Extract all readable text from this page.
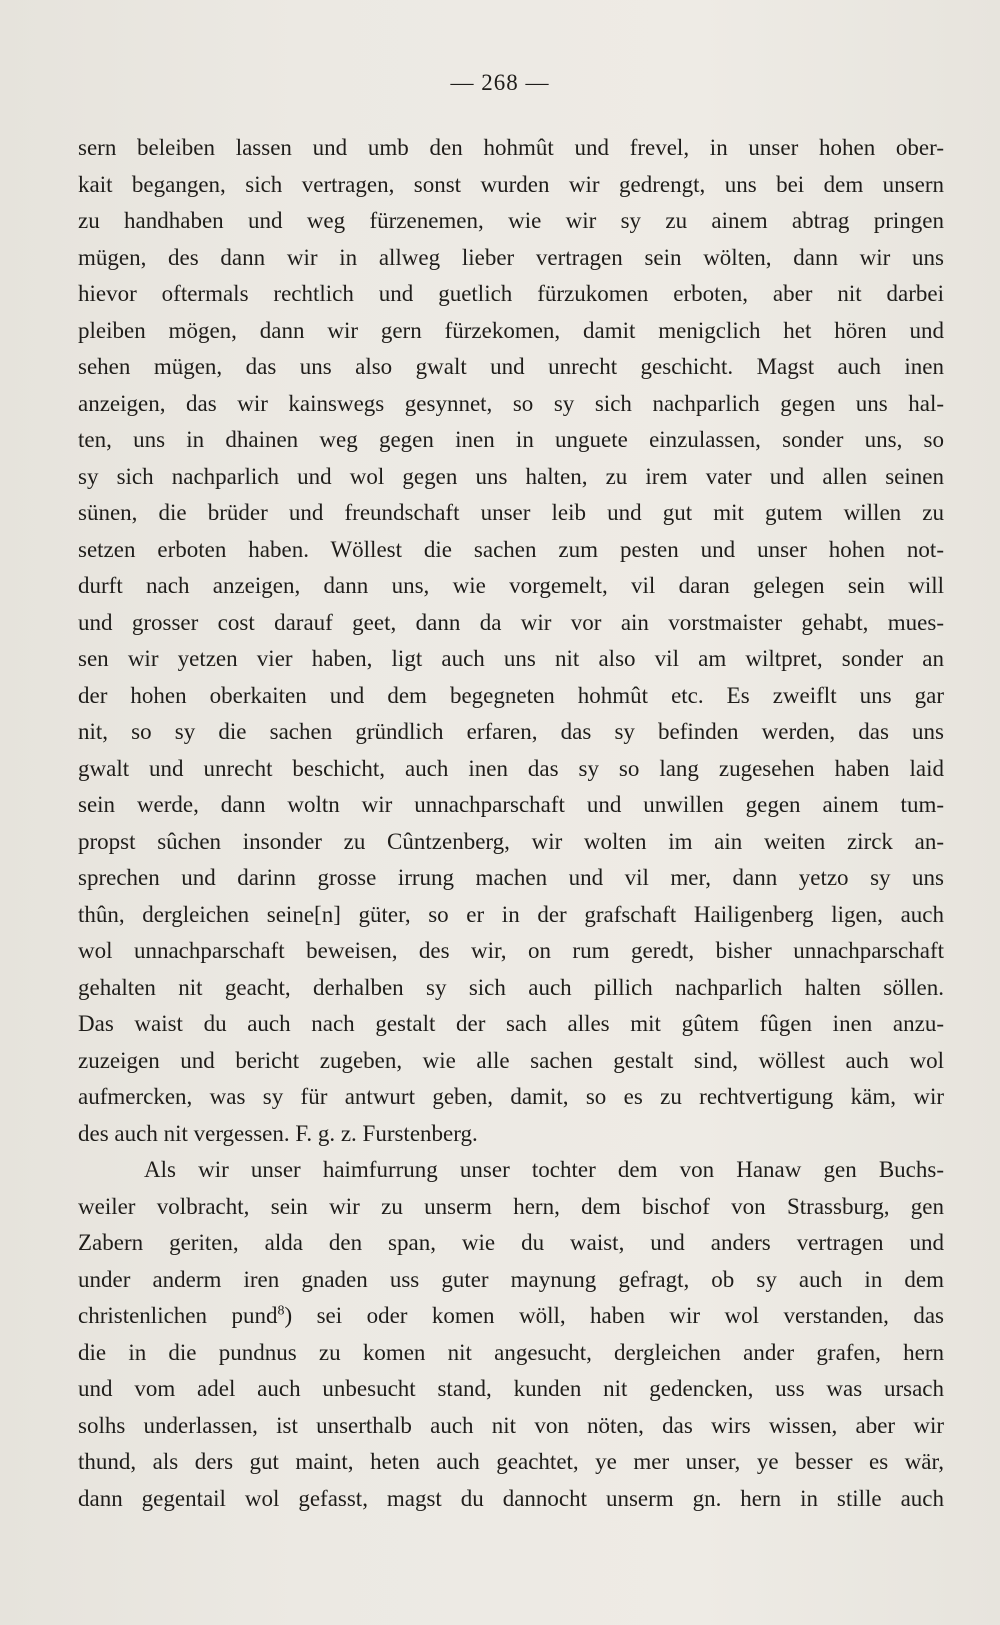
— 268 —
sern beleiben lassen und umb den hohmût und frevel, in unser hohen ober-
kait begangen, sich vertragen, sonst wurden wir gedrengt, uns bei dem unsern
zu handhaben und weg fürzenemen, wie wir sy zu ainem abtrag pringen
mügen, des dann wir in allweg lieber vertragen sein wölten, dann wir uns
hievor oftermals rechtlich und guetlich fürzukomen erboten, aber nit darbei
pleiben mögen, dann wir gern fürzekomen, damit menigclich het hören und
sehen mügen, das uns also gwalt und unrecht geschicht. Magst auch inen
anzeigen, das wir kainswegs gesynnet, so sy sich nachparlich gegen uns hal-
ten, uns in dhainen weg gegen inen in unguete einzulassen, sonder uns, so
sy sich nachparlich und wol gegen uns halten, zu irem vater und allen seinen
sünen, die brüder und freundschaft unser leib und gut mit gutem willen zu
setzen erboten haben. Wöllest die sachen zum pesten und unser hohen not-
durft nach anzeigen, dann uns, wie vorgemelt, vil daran gelegen sein will
und grosser cost darauf geet, dann da wir vor ain vorstmaister gehabt, mues-
sen wir yetzen vier haben, ligt auch uns nit also vil am wiltpret, sonder an
der hohen oberkaiten und dem begegneten hohmût etc. Es zweiflt uns gar
nit, so sy die sachen gründlich erfaren, das sy befinden werden, das uns
gwalt und unrecht beschicht, auch inen das sy so lang zugesehen haben laid
sein werde, dann woltn wir unnachparschaft und unwillen gegen ainem tum-
propst sûchen insonder zu Cûntzenberg, wir wolten im ain weiten zirck an-
sprechen und darinn grosse irrung machen und vil mer, dann yetzo sy uns
thûn, dergleichen seine[n] güter, so er in der grafschaft Hailigenberg ligen, auch
wol unnachparschaft beweisen, des wir, on rum geredt, bisher unnachparschaft
gehalten nit geacht, derhalben sy sich auch pillich nachparlich halten söllen.
Das waist du auch nach gestalt der sach alles mit gûtem fûgen inen anzu-
zuzeigen und bericht zugeben, wie alle sachen gestalt sind, wöllest auch wol
aufmercken, was sy für antwurt geben, damit, so es zu rechtvertigung käm, wir
des auch nit vergessen. F. g. z. Furstenberg.
Als wir unser haimfurrung unser tochter dem von Hanaw gen Buchs-
weiler volbracht, sein wir zu unserm hern, dem bischof von Strassburg, gen
Zabern geriten, alda den span, wie du waist, und anders vertragen und
under anderm iren gnaden uss guter maynung gefragt, ob sy auch in dem
christenlichen pund$^8$) sei oder komen wöll, haben wir wol verstanden, das
die in die pundnus zu komen nit angesucht, dergleichen ander grafen, hern
und vom adel auch unbesucht stand, kunden nit gedencken, uss was ursach
solhs underlassen, ist unserthalb auch nit von nöten, das wirs wissen, aber wir
thund, als ders gut maint, heten auch geachtet, ye mer unser, ye besser es wär,
dann gegentail wol gefasst, magst du dannocht unserm gn. hern in stille auch
